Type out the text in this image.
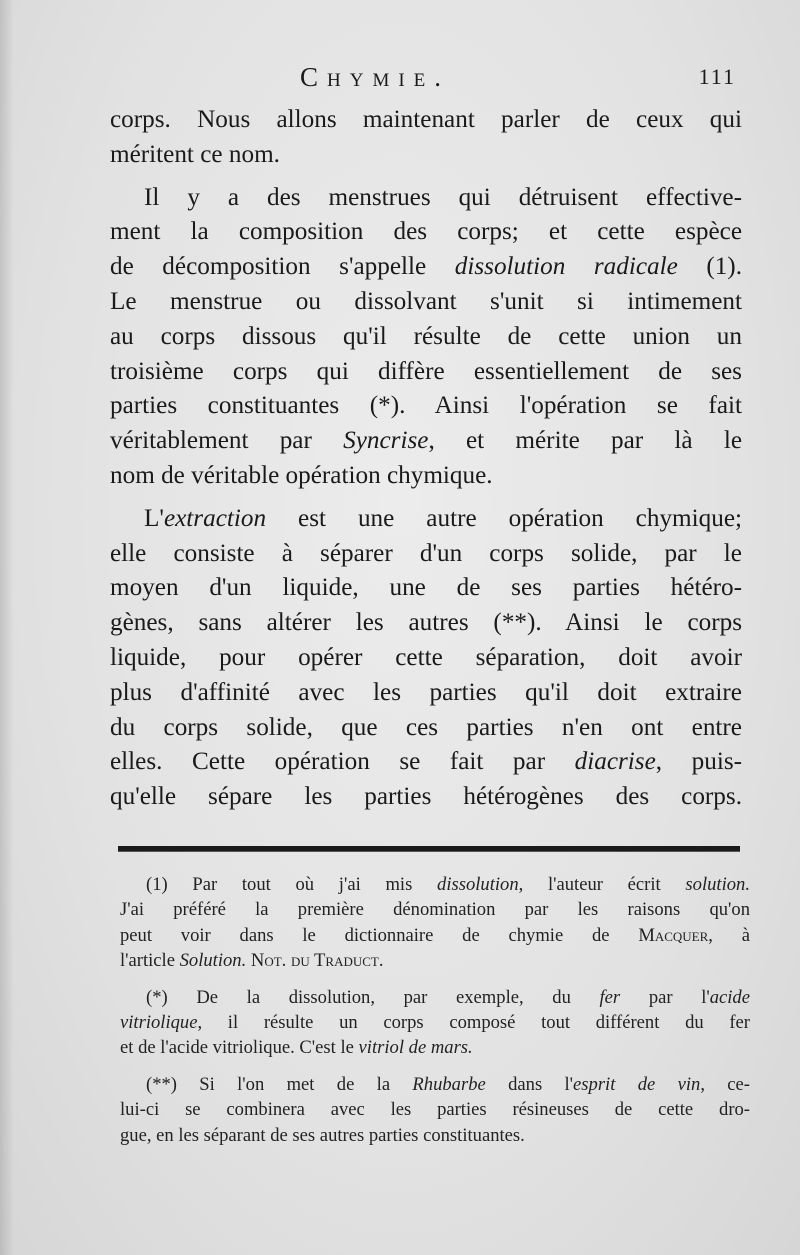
Chymie.	111
corps. Nous allons maintenant parler de ceux qui
méritent ce nom.
Il y a des menstrues qui détruisent effective-
ment la composition des corps; et cette espèce
de décomposition s'appelle dissolution radicale (1).
Le menstrue ou dissolvant s'unit si intimement
au corps dissous qu'il résulte de cette union un
troisième corps qui diffère essentiellement de ses
parties constituantes (*). Ainsi l'opération se fait
véritablement par Syncrise, et mérite par là le
nom de véritable opération chymique.
L'extraction est une autre opération chymique;
elle consiste à séparer d'un corps solide, par le
moyen d'un liquide, une de ses parties hétéro-
gènes, sans altérer les autres (**). Ainsi le corps
liquide, pour opérer cette séparation, doit avoir
plus d'affinité avec les parties qu'il doit extraire
du corps solide, que ces parties n'en ont entre
elles. Cette opération se fait par diacrise, puis-
qu'elle sépare les parties hétérogènes des corps.
(1) Par tout où j'ai mis dissolution, l'auteur écrit solution.
J'ai préféré la première dénomination par les raisons qu'on
peut voir dans le dictionnaire de chymie de Macquer, à
l'article Solution. Not. du Traduct.
(*) De la dissolution, par exemple, du fer par l'acide
vitriolique, il résulte un corps composé tout différent du fer
et de l'acide vitriolique. C'est le vitriol de mars.
(**) Si l'on met de la Rhubarbe dans l'esprit de vin, ce-
lui-ci se combinera avec les parties résineuses de cette dro-
gue, en les séparant de ses autres parties constituantes.
